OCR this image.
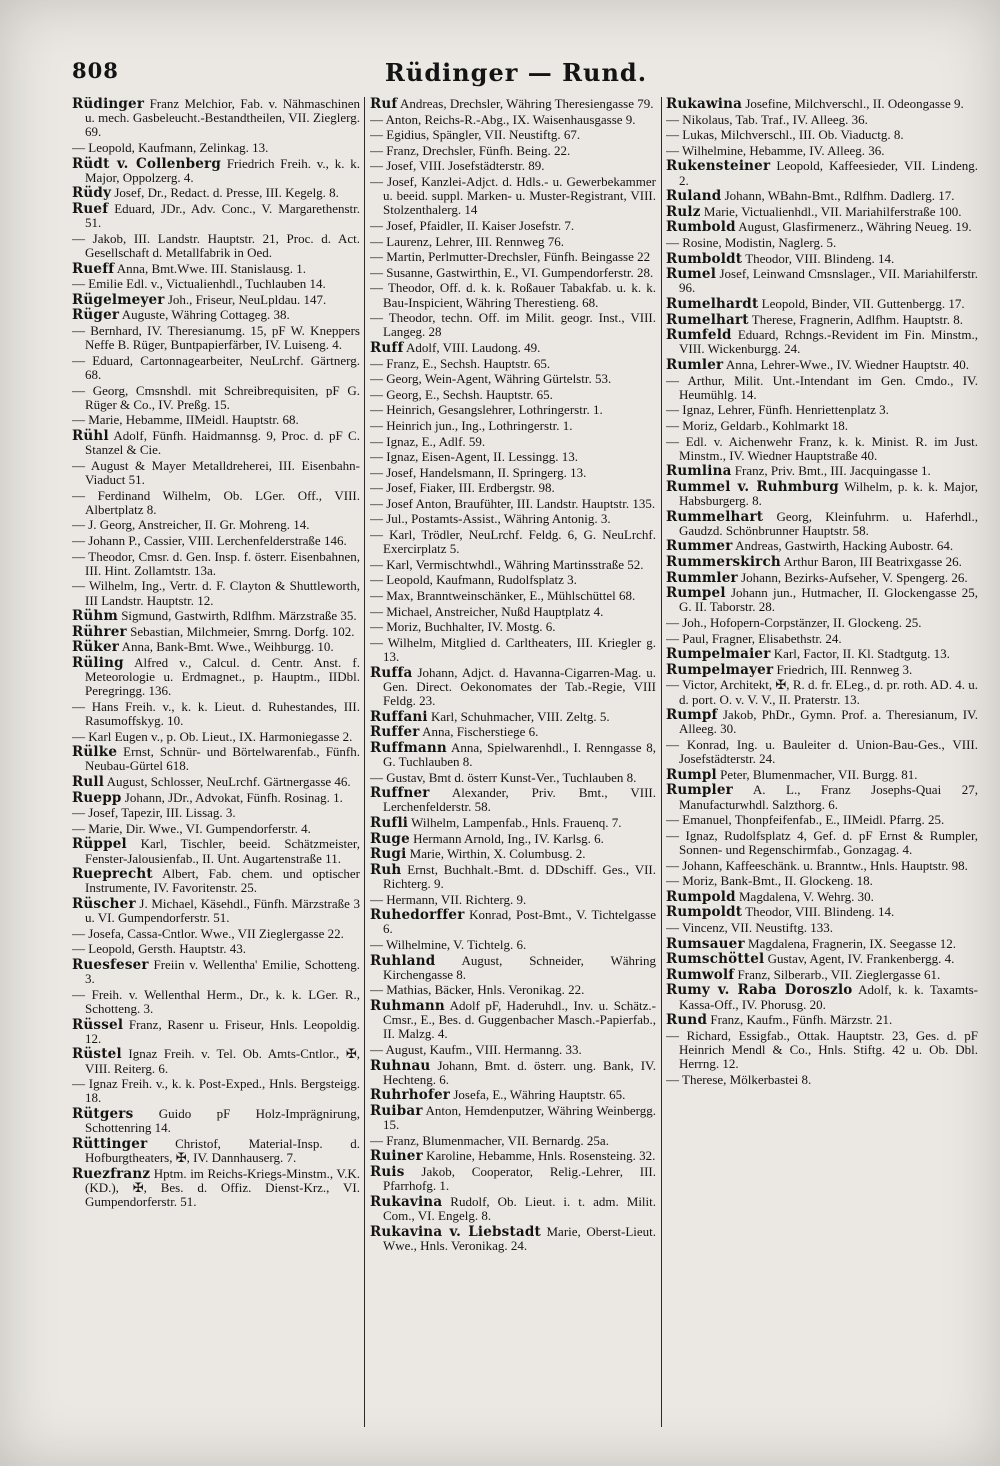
808	Rüdinger — Rund.

Rüdinger Franz Melchior, Fab. v. Nähmaschinen u. mech. Gasbeleucht.-Bestandtheilen, VII. Zieglerg. 69.

— Leopold, Kaufmann, Zelinkag. 13.

Rüdt v. Collenberg Friedrich Freih. v., k. k. Major, Oppolzerg. 4.

Rüdy Josef, Dr., Redact. d. Presse, III. Kegelg. 8.

Ruef Eduard, JDr., Adv. Conc., V. Margarethenstr. 51.

— Jakob, III. Landstr. Hauptstr. 21, Proc. d. Act. Gesellschaft d. Metallfabrik in Oed.

Rueff Anna, Bmt.Wwe. III. Stanislausg. 1.

— Emilie Edl. v., Victualienhdl., Tuchlauben 14.

Rügelmeyer Joh., Friseur, NeuLpldau. 147.

Rüger Auguste, Währing Cottageg. 38.

— Bernhard, IV. Theresianumg. 15, pF W. Kneppers Neffe B. Rüger, Buntpapierfärber, IV. Luiseng. 4.

— Eduard, Cartonnagearbeiter, NeuLrchf. Gärtnerg. 68.

— Georg, Cmsnshdl. mit Schreibrequisiten, pF G. Rüger & Co., IV. Preßg. 15.

— Marie, Hebamme, IIMeidl. Hauptstr. 68.

Rühl Adolf, Fünfh. Haidmannsg. 9, Proc. d. pF C. Stanzel & Cie.

— August & Mayer Metalldreherei, III. Eisenbahn-Viaduct 51.

— Ferdinand Wilhelm, Ob. LGer. Off., VIII. Albertplatz 8.

— J. Georg, Anstreicher, II. Gr. Mohreng. 14.

— Johann P., Cassier, VIII. Lerchenfelderstraße 146.

— Theodor, Cmsr. d. Gen. Insp. f. österr. Eisenbahnen, III. Hint. Zollamtstr. 13a.

— Wilhelm, Ing., Vertr. d. F. Clayton & Shuttleworth, III Landstr. Hauptstr. 12.

Rühm Sigmund, Gastwirth, Rdlfhm. Märzstraße 35.

Rührer Sebastian, Milchmeier, Smrng. Dorfg. 102.

Rüker Anna, Bank-Bmt. Wwe., Weihburgg. 10.

Rüling Alfred v., Calcul. d. Centr. Anst. f. Meteorologie u. Erdmagnet., p. Hauptm., IIDbl. Peregringg. 136.

— Hans Freih. v., k. k. Lieut. d. Ruhestandes, III. Rasumoffskyg. 10.

— Karl Eugen v., p. Ob. Lieut., IX. Harmoniegasse 2.

Rülke Ernst, Schnür- und Börtelwarenfab., Fünfh. Neubau-Gürtel 618.

Rull August, Schlosser, NeuLrchf. Gärtnergasse 46.

Ruepp Johann, JDr., Advokat, Fünfh. Rosinag. 1.

— Josef, Tapezir, III. Lissag. 3.

— Marie, Dir. Wwe., VI. Gumpendorferstr. 4.

Rüppel Karl, Tischler, beeid. Schätzmeister, Fenster-Jalousienfab., II. Unt. Augartenstraße 11.

Rueprecht Albert, Fab. chem. und optischer Instrumente, IV. Favoritenstr. 25.

Rüscher J. Michael, Käsehdl., Fünfh. Märzstraße 3 u. VI. Gumpendorferstr. 51.

— Josefa, Cassa-Cntlor. Wwe., VII Zieglergasse 22.

— Leopold, Gersth. Hauptstr. 43.

Ruesfeser Freiin v. Wellentha' Emilie, Schotteng. 3.

— Freih. v. Wellenthal Herm., Dr., k. k. LGer. R., Schotteng. 3.

Rüssel Franz, Rasenr u. Friseur, Hnls. Leopoldig. 12.

Rüstel Ignaz Freih. v. Tel. Ob. Amts-Cntlor., ✠, VIII. Reiterg. 6.

— Ignaz Freih. v., k. k. Post-Exped., Hnls. Bergsteigg. 18.

Rütgers Guido pF Holz-Imprägnirung, Schottenring 14.

Rüttinger Christof, Material-Insp. d. Hofburgtheaters, ✠, IV. Dannhauserg. 7.

Ruezfranz Hptm. im Reichs-Kriegs-Minstm., V.K. (KD.), ✠, Bes. d. Offiz. Dienst-Krz., VI. Gumpendorferstr. 51.

Ruf Andreas, Drechsler, Währing Theresiengasse 79.

— Anton, Reichs-R.-Abg., IX. Waisenhausgasse 9.

— Egidius, Spängler, VII. Neustiftg. 67.

— Franz, Drechsler, Fünfh. Being. 22.

— Josef, VIII. Josefstädterstr. 89.

— Josef, Kanzlei-Adjct. d. Hdls.- u. Gewerbekammer u. beeid. suppl. Marken- u. Muster-Registrant, VIII. Stolzenthalerg. 14

— Josef, Pfaidler, II. Kaiser Josefstr. 7.

— Laurenz, Lehrer, III. Rennweg 76.

— Martin, Perlmutter-Drechsler, Fünfh. Beingasse 22

— Susanne, Gastwirthin, E., VI. Gumpendorferstr. 28.

— Theodor, Off. d. k. k. Roßauer Tabakfab. u. k. k. Bau-Inspicient, Währing Therestieng. 68.

— Theodor, techn. Off. im Milit. geogr. Inst., VIII. Langeg. 28

Ruff Adolf, VIII. Laudong. 49.

— Franz, E., Sechsh. Hauptstr. 65.

— Georg, Wein-Agent, Währing Gürtelstr. 53.

— Georg, E., Sechsh. Hauptstr. 65.

— Heinrich, Gesangslehrer, Lothringerstr. 1.

— Heinrich jun., Ing., Lothringerstr. 1.

— Ignaz, E., Adlf. 59.

— Ignaz, Eisen-Agent, II. Lessingg. 13.

— Josef, Handelsmann, II. Springerg. 13.

— Josef, Fiaker, III. Erdbergstr. 98.

— Josef Anton, Braufühter, III. Landstr. Hauptstr. 135.

— Jul., Postamts-Assist., Währing Antonig. 3.

— Karl, Trödler, NeuLrchf. Feldg. 6, G. NeuLrchf. Exercirplatz 5.

— Karl, Vermischtwhdl., Währing Martinsstraße 52.

— Leopold, Kaufmann, Rudolfsplatz 3.

— Max, Branntweinschänker, E., Mühlschüttel 68.

— Michael, Anstreicher, Nußd Hauptplatz 4.

— Moriz, Buchhalter, IV. Mostg. 6.

— Wilhelm, Mitglied d. Carltheaters, III. Kriegler g. 13.

Ruffa Johann, Adjct. d. Havanna-Cigarren-Mag. u. Gen. Direct. Oekonomates der Tab.-Regie, VIII Feldg. 23.

Ruffani Karl, Schuhmacher, VIII. Zeltg. 5.

Ruffer Anna, Fischerstiege 6.

Ruffmann Anna, Spielwarenhdl., I. Renngasse 8, G. Tuchlauben 8.

— Gustav, Bmt d. österr Kunst-Ver., Tuchlauben 8.

Ruffner Alexander, Priv. Bmt., VIII. Lerchenfelderstr. 58.

Rufli Wilhelm, Lampenfab., Hnls. Frauenq. 7.

Ruge Hermann Arnold, Ing., IV. Karlsg. 6.

Rugi Marie, Wirthin, X. Columbusg. 2.

Ruh Ernst, Buchhalt.-Bmt. d. DDschiff. Ges., VII. Richterg. 9.

— Hermann, VII. Richterg. 9.

Ruhedorffer Konrad, Post-Bmt., V. Tichtelgasse 6.

— Wilhelmine, V. Tichtelg. 6.

Ruhland August, Schneider, Währing Kirchengasse 8.

— Mathias, Bäcker, Hnls. Veronikag. 22.

Ruhmann Adolf pF, Haderuhdl., Inv. u. Schätz.-Cmsr., E., Bes. d. Guggenbacher Masch.-Papierfab., II. Malzg. 4.

— August, Kaufm., VIII. Hermanng. 33.

Ruhnau Johann, Bmt. d. österr. ung. Bank, IV. Hechteng. 6.

Ruhrhofer Josefa, E., Währing Hauptstr. 65.

Ruibar Anton, Hemdenputzer, Währing Weinbergg. 15.

— Franz, Blumenmacher, VII. Bernardg. 25a.

Ruiner Karoline, Hebamme, Hnls. Rosensteing. 32.

Ruis Jakob, Cooperator, Relig.-Lehrer, III. Pfarrhofg. 1.

Rukavina Rudolf, Ob. Lieut. i. t. adm. Milit. Com., VI. Engelg. 8.

Rukavina v. Liebstadt Marie, Oberst-Lieut. Wwe., Hnls. Veronikag. 24.

Rukawina Josefine, Milchverschl., II. Odeongasse 9.

— Nikolaus, Tab. Traf., IV. Alleeg. 36.

— Lukas, Milchverschl., III. Ob. Viaductg. 8.

— Wilhelmine, Hebamme, IV. Alleeg. 36.

Rukensteiner Leopold, Kaffeesieder, VII. Lindeng. 2.

Ruland Johann, WBahn-Bmt., Rdlfhm. Dadlerg. 17.

Rulz Marie, Victualienhdl., VII. Mariahilferstraße 100.

Rumbold August, Glasfirmenerz., Währing Neueg. 19.

— Rosine, Modistin, Naglerg. 5.

Rumboldt Theodor, VIII. Blindeng. 14.

Rumel Josef, Leinwand Cmsnslager., VII. Mariahilferstr. 96.

Rumelhardt Leopold, Binder, VII. Guttenbergg. 17.

Rumelhart Therese, Fragnerin, Adlfhm. Hauptstr. 8.

Rumfeld Eduard, Rchngs.-Revident im Fin. Minstm., VIII. Wickenburgg. 24.

Rumler Anna, Lehrer-Wwe., IV. Wiedner Hauptstr. 40.

— Arthur, Milit. Unt.-Intendant im Gen. Cmdo., IV. Heumühlg. 14.

— Ignaz, Lehrer, Fünfh. Henriettenplatz 3.

— Moriz, Geldarb., Kohlmarkt 18.

— Edl. v. Aichenwehr Franz, k. k. Minist. R. im Just. Minstm., IV. Wiedner Hauptstraße 40.

Rumlina Franz, Priv. Bmt., III. Jacquingasse 1.

Rummel v. Ruhmburg Wilhelm, p. k. k. Major, Habsburgerg. 8.

Rummelhart Georg, Kleinfuhrm. u. Haferhdl., Gaudzd. Schönbrunner Hauptstr. 58.

Rummer Andreas, Gastwirth, Hacking Aubostr. 64.

Rummerskirch Arthur Baron, III Beatrixgasse 26.

Rummler Johann, Bezirks-Aufseher, V. Spengerg. 26.

Rumpel Johann jun., Hutmacher, II. Glockengasse 25, G. II. Taborstr. 28.

— Joh., Hofopern-Corpstänzer, II. Glockeng. 25.

— Paul, Fragner, Elisabethstr. 24.

Rumpelmaier Karl, Factor, II. Kl. Stadtgutg. 13.

Rumpelmayer Friedrich, III. Rennweg 3.

— Victor, Architekt, ✠, R. d. fr. ELeg., d. pr. roth. AD. 4. u. d. port. O. v. V. V., II. Praterstr. 13.

Rumpf Jakob, PhDr., Gymn. Prof. a. Theresianum, IV. Alleeg. 30.

— Konrad, Ing. u. Bauleiter d. Union-Bau-Ges., VIII. Josefstädterstr. 24.

Rumpl Peter, Blumenmacher, VII. Burgg. 81.

Rumpler A. L., Franz Josephs-Quai 27, Manufacturwhdl. Salzthorg. 6.

— Emanuel, Thonpfeifenfab., E., IIMeidl. Pfarrg. 25.

— Ignaz, Rudolfsplatz 4, Gef. d. pF Ernst & Rumpler, Sonnen- und Regenschirmfab., Gonzagag. 4.

— Johann, Kaffeeschänk. u. Branntw., Hnls. Hauptstr. 98.

— Moriz, Bank-Bmt., II. Glockeng. 18.

Rumpold Magdalena, V. Wehrg. 30.

Rumpoldt Theodor, VIII. Blindeng. 14.

— Vincenz, VII. Neustiftg. 133.

Rumsauer Magdalena, Fragnerin, IX. Seegasse 12.

Rumschöttel Gustav, Agent, IV. Frankenbergg. 4.

Rumwolf Franz, Silberarb., VII. Zieglergasse 61.

Rumy v. Raba Doroszlo Adolf, k. k. Taxamts-Kassa-Off., IV. Phorusg. 20.

Rund Franz, Kaufm., Fünfh. Märzstr. 21.

— Richard, Essigfab., Ottak. Hauptstr. 23, Ges. d. pF Heinrich Mendl & Co., Hnls. Stiftg. 42 u. Ob. Dbl. Herrng. 12.

— Therese, Mölkerbastei 8.
